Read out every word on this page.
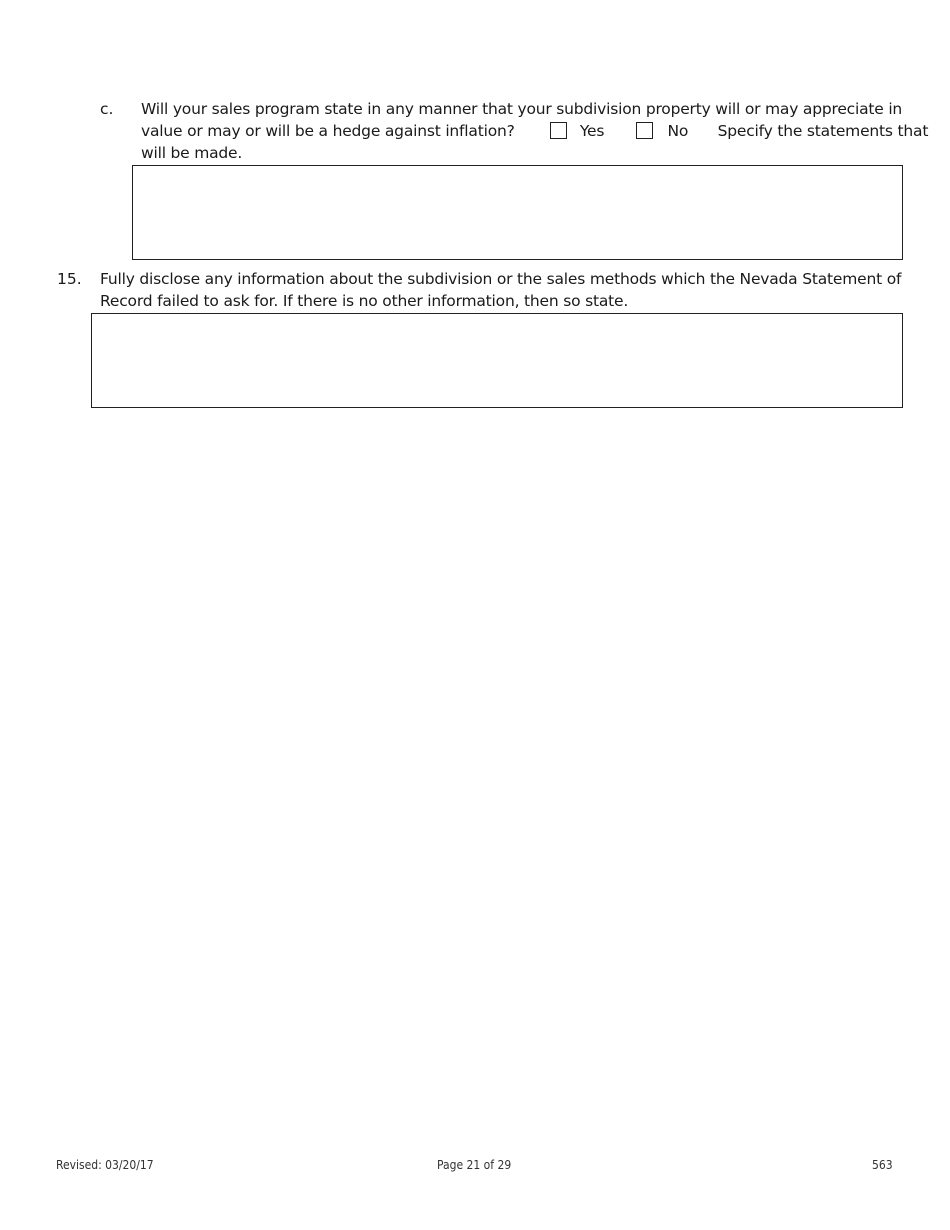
c. Will your sales program state in any manner that your subdivision property will or may appreciate in
value or may or will be a hedge against inflation?	Yes	No Specify the statements that
will be made.
15. Fully disclose any information about the subdivision or the sales methods which the Nevada Statement of
Record failed to ask for. If there is no other information, then so state.
Revised: 03/20/17	Page 21 of 29	563
